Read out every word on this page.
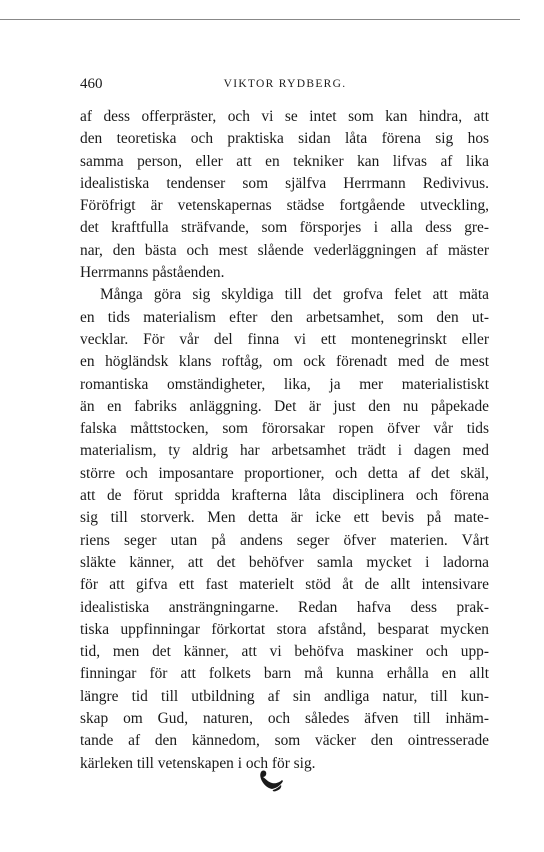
460	VIKTOR RYDBERG.
af dess offerpräster, och vi se intet som kan hindra, att
den teoretiska och praktiska sidan låta förena sig hos
samma person, eller att en tekniker kan lifvas af lika
idealistiska tendenser som själfva Herrmann Redivivus.
Föröfrigt är vetenskapernas städse fortgående utveckling,
det kraftfulla sträfvande, som försporjes i alla dess gre-
nar, den bästa och mest slående vederläggningen af mäster
Herrmanns påståenden.
Många göra sig skyldiga till det grofva felet att mäta
en tids materialism efter den arbetsamhet, som den ut-
vecklar. För vår del finna vi ett montenegrinskt eller
en högländsk klans roftåg, om ock förenadt med de mest
romantiska omständigheter, lika, ja mer materialistiskt
än en fabriks anläggning. Det är just den nu påpekade
falska måttstocken, som förorsakar ropen öfver vår tids
materialism, ty aldrig har arbetsamhet trädt i dagen med
större och imposantare proportioner, och detta af det skäl,
att de förut spridda krafterna låta disciplinera och förena
sig till storverk. Men detta är icke ett bevis på mate-
riens seger utan på andens seger öfver materien. Vårt
släkte känner, att det behöfver samla mycket i ladorna
för att gifva ett fast materielt stöd åt de allt intensivare
idealistiska ansträngningarne. Redan hafva dess prak-
tiska uppfinningar förkortat stora afstånd, besparat mycken
tid, men det känner, att vi behöfva maskiner och upp-
finningar för att folkets barn må kunna erhålla en allt
längre tid till utbildning af sin andliga natur, till kun-
skap om Gud, naturen, och således äfven till inhäm-
tande af den kännedom, som väcker den ointresserade
kärleken till vetenskapen i och för sig.
